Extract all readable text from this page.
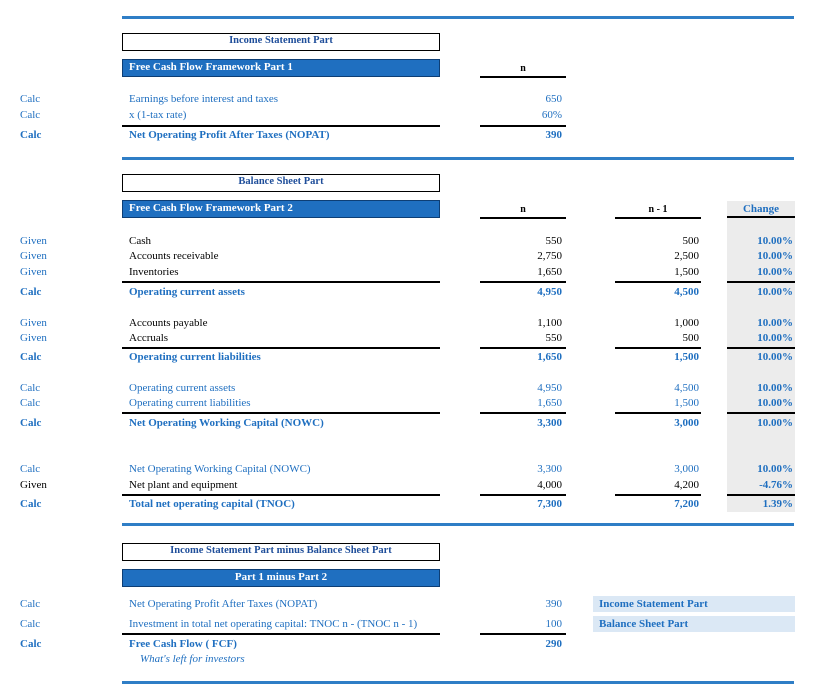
Income Statement Part
Free Cash Flow Framework Part 1	n
Calc	Earnings before interest and taxes	650
Calc	x (1-tax rate)	60%
Calc	Net Operating Profit After Taxes (NOPAT)	390
Balance Sheet Part
Free Cash Flow Framework Part 2	n	n - 1	Change
Given	Cash	550	500	10.00%
Given	Accounts receivable	2,750	2,500	10.00%
Given	Inventories	1,650	1,500	10.00%
Calc	Operating current assets	4,950	4,500	10.00%
Given	Accounts payable	1,100	1,000	10.00%
Given	Accruals	550	500	10.00%
Calc	Operating current liabilities	1,650	1,500	10.00%
Calc	Operating current assets	4,950	4,500	10.00%
Calc	Operating current liabilities	1,650	1,500	10.00%
Calc	Net Operating Working Capital (NOWC)	3,300	3,000	10.00%
Calc	Net Operating Working Capital (NOWC)	3,300	3,000	10.00%
Given	Net plant and equipment	4,000	4,200	-4.76%
Calc	Total net operating capital (TNOC)	7,300	7,200	1.39%
Income Statement Part minus Balance Sheet Part
Part 1 minus Part 2
Calc	Net Operating Profit After Taxes (NOPAT)	390	Income Statement Part
Calc	Investment in total net operating capital: TNOC n - (TNOC n - 1)	100	Balance Sheet Part
Calc	Free Cash Flow ( FCF)	290
What's left for investors
